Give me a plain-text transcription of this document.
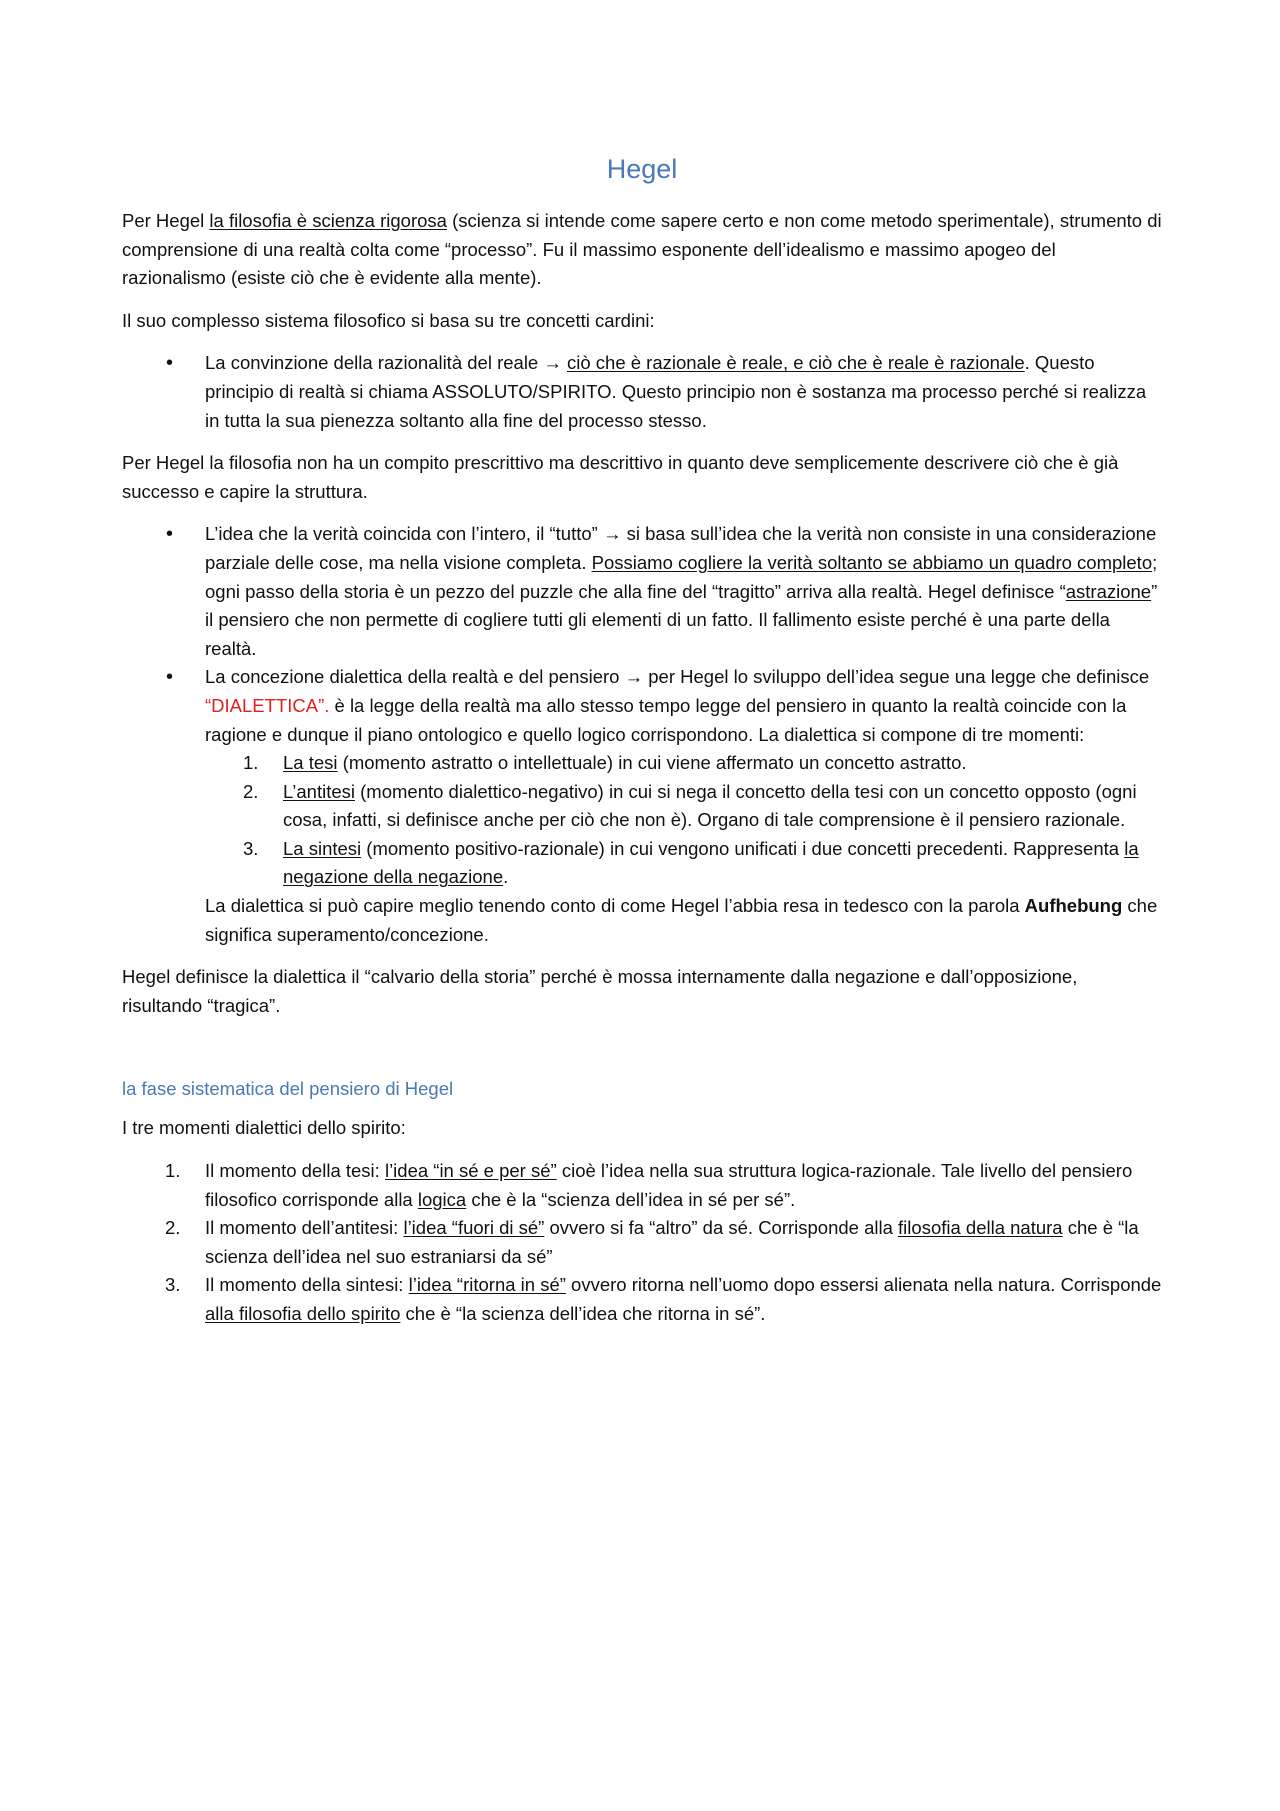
Hegel

Per Hegel la filosofia è scienza rigorosa (scienza si intende come sapere certo e non come metodo sperimentale), strumento di comprensione di una realtà colta come “processo”. Fu il massimo esponente dell’idealismo e massimo apogeo del razionalismo (esiste ciò che è evidente alla mente).

Il suo complesso sistema filosofico si basa su tre concetti cardini:

• La convinzione della razionalità del reale → ciò che è razionale è reale, e ciò che è reale è razionale. Questo principio di realtà si chiama ASSOLUTO/SPIRITO. Questo principio non è sostanza ma processo perché si realizza in tutta la sua pienezza soltanto alla fine del processo stesso.

Per Hegel la filosofia non ha un compito prescrittivo ma descrittivo in quanto deve semplicemente descrivere ciò che è già successo e capire la struttura.

• L’idea che la verità coincida con l’intero, il “tutto” → si basa sull’idea che la verità non consiste in una considerazione parziale delle cose, ma nella visione completa. Possiamo cogliere la verità soltanto se abbiamo un quadro completo; ogni passo della storia è un pezzo del puzzle che alla fine del “tragitto” arriva alla realtà. Hegel definisce “astrazione” il pensiero che non permette di cogliere tutti gli elementi di un fatto. Il fallimento esiste perché è una parte della realtà.
• La concezione dialettica della realtà e del pensiero → per Hegel lo sviluppo dell’idea segue una legge che definisce “DIALETTICA”. è la legge della realtà ma allo stesso tempo legge del pensiero in quanto la realtà coincide con la ragione e dunque il piano ontologico e quello logico corrispondono. La dialettica si compone di tre momenti:
1. La tesi (momento astratto o intellettuale) in cui viene affermato un concetto astratto.
2. L’antitesi (momento dialettico-negativo) in cui si nega il concetto della tesi con un concetto opposto (ogni cosa, infatti, si definisce anche per ciò che non è). Organo di tale comprensione è il pensiero razionale.
3. La sintesi (momento positivo-razionale) in cui vengono unificati i due concetti precedenti. Rappresenta la negazione della negazione.
La dialettica si può capire meglio tenendo conto di come Hegel l’abbia resa in tedesco con la parola Aufhebung che significa superamento/concezione.

Hegel definisce la dialettica il “calvario della storia” perché è mossa internamente dalla negazione e dall’opposizione, risultando “tragica”.

la fase sistematica del pensiero di Hegel

I tre momenti dialettici dello spirito:

1. Il momento della tesi: l’idea “in sé e per sé” cioè l’idea nella sua struttura logica-razionale. Tale livello del pensiero filosofico corrisponde alla logica che è la “scienza dell’idea in sé per sé”.
2. Il momento dell’antitesi: l’idea “fuori di sé” ovvero si fa “altro” da sé. Corrisponde alla filosofia della natura che è “la scienza dell’idea nel suo estraniarsi da sé”
3. Il momento della sintesi: l’idea “ritorna in sé” ovvero ritorna nell’uomo dopo essersi alienata nella natura. Corrisponde alla filosofia dello spirito che è “la scienza dell’idea che ritorna in sé”.
